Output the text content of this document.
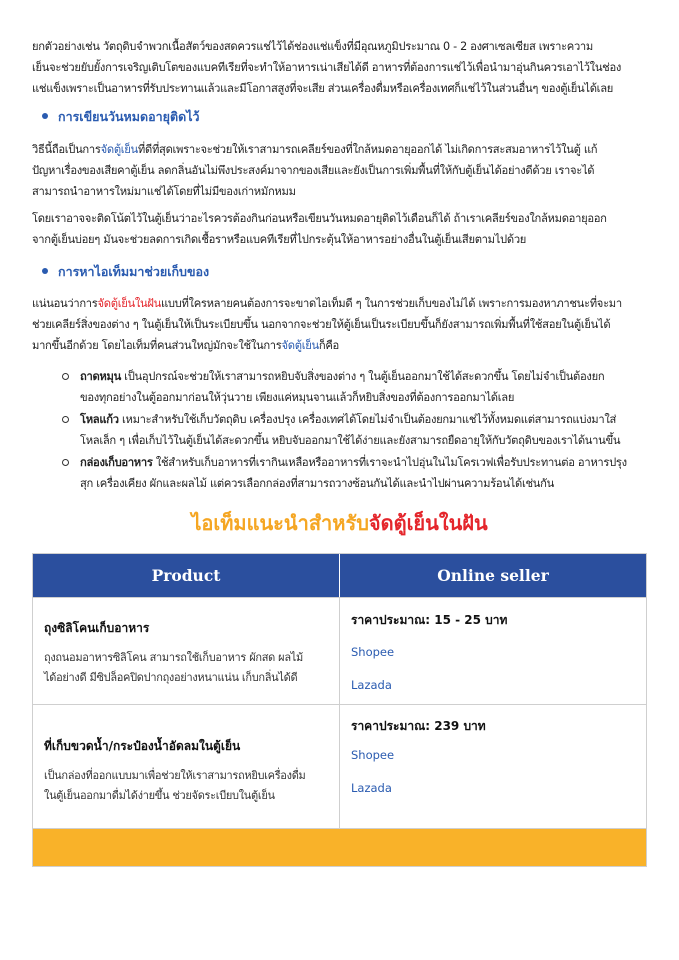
ยกตัวอย่างเช่น วัตถุดิบจำพวกเนื้อสัตว์ของสดควรแช่ไว้ได้ช่องแช่แข็งที่มีอุณหภูมิประมาณ 0 - 2 องศาเซลเซียส เพราะความ

เย็นจะช่วยยับยั้งการเจริญเติบโตของแบคทีเรียที่จะทำให้อาหารเน่าเสียได้ดี อาหารที่ต้องการแช่ไว้เพื่อนำมาอุ่นกินควรเอาไว้ในช่อง

แช่แข็งเพราะเป็นอาหารที่รับประทานแล้วและมีโอกาสสูงที่จะเสีย ส่วนเครื่องดื่มหรือเครื่องเทศก็แช่ไว้ในส่วนอื่นๆ ของตู้เย็นได้เลย

การเขียนวันหมดอายุติดไว้

วิธีนี้ถือเป็นการจัดตู้เย็นที่ดีที่สุดเพราะจะช่วยให้เราสามารถเคลียร์ของที่ใกล้หมดอายุออกได้ ไม่เกิดการสะสมอาหารไว้ในตู้ แก้

ปัญหาเรื่องของเสียคาตู้เย็น ลดกลิ่นอันไม่พึงประสงค์มาจากของเสียและยังเป็นการเพิ่มพื้นที่ให้กับตู้เย็นได้อย่างดีด้วย เราจะได้

สามารถนำอาหารใหม่มาแช่ได้โดยที่ไม่มีของเก่าหมักหมม

โดยเราอาจจะติดโน้ตไว้ในตู้เย็นว่าอะไรควรต้องกินก่อนหรือเขียนวันหมดอายุติดไว้เดือนก็ได้ ถ้าเราเคลียร์ของใกล้หมดอายุออก

จากตู้เย็นบ่อยๆ มันจะช่วยลดการเกิดเชื้อราหรือแบคทีเรียที่ไปกระตุ้นให้อาหารอย่างอื่นในตู้เย็นเสียตามไปด้วย

การหาไอเท็มมาช่วยเก็บของ

แน่นอนว่าการจัดตู้เย็นในฝันแบบที่ใครหลายคนต้องการจะขาดไอเท็มดี ๆ ในการช่วยเก็บของไม่ได้ เพราะการมองหาภาชนะที่จะมา

ช่วยเคลียร์สิ่งของต่าง ๆ ในตู้เย็นให้เป็นระเบียบขึ้น นอกจากจะช่วยให้ตู้เย็นเป็นระเบียบขึ้นก็ยังสามารถเพิ่มพื้นที่ใช้สอยในตู้เย็นได้

มากขึ้นอีกด้วย โดยไอเท็มที่คนส่วนใหญ่มักจะใช้ในการจัดตู้เย็นก็คือ

ถาดหมุน เป็นอุปกรณ์จะช่วยให้เราสามารถหยิบจับสิ่งของต่าง ๆ ในตู้เย็นออกมาใช้ได้สะดวกขึ้น โดยไม่จำเป็นต้องยก

ของทุกอย่างในตู้ออกมาก่อนให้วุ่นวาย เพียงแค่หมุนจานแล้วก็หยิบสิ่งของที่ต้องการออกมาได้เลย

โหลแก้ว เหมาะสำหรับใช้เก็บวัตถุดิบ เครื่องปรุง เครื่องเทศได้โดยไม่จำเป็นต้องยกมาแช่ไว้ทั้งหมดแต่สามารถแบ่งมาใส่

โหลเล็ก ๆ เพื่อเก็บไว้ในตู้เย็นได้สะดวกขึ้น หยิบจับออกมาใช้ได้ง่ายและยังสามารถยืดอายุให้กับวัตถุดิบของเราได้นานขึ้น

กล่องเก็บอาหาร ใช้สำหรับเก็บอาหารที่เรากินเหลือหรืออาหารที่เราจะนำไปอุ่นในไมโครเวฟเพื่อรับประทานต่อ อาหารปรุง

สุก เครื่องเคียง ผักและผลไม้ แต่ควรเลือกกล่องที่สามารถวางซ้อนกันได้และนำไปผ่านความร้อนได้เช่นกัน

ไอเท็มแนะนำสำหรับจัดตู้เย็นในฝัน
Product	Online seller
ถุงซิลิโคนเก็บอาหาร

ถุงถนอมอาหารซิลิโคน สามารถใช้เก็บอาหาร ผักสด ผลไม้

ได้อย่างดี มีซิปล็อคปิดปากถุงอย่างหนาแน่น เก็บกลิ่นได้ดี

ราคาประมาณ: 15 - 25 บาท
Shopee
Lazada
ที่เก็บขวดน้ำ/กระป๋องน้ำอัดลมในตู้เย็น

เป็นกล่องที่ออกแบบมาเพื่อช่วยให้เราสามารถหยิบเครื่องดื่ม

ในตู้เย็นออกมาดื่มได้ง่ายขึ้น ช่วยจัดระเบียบในตู้เย็น

ราคาประมาณ: 239 บาท
Shopee
Lazada
